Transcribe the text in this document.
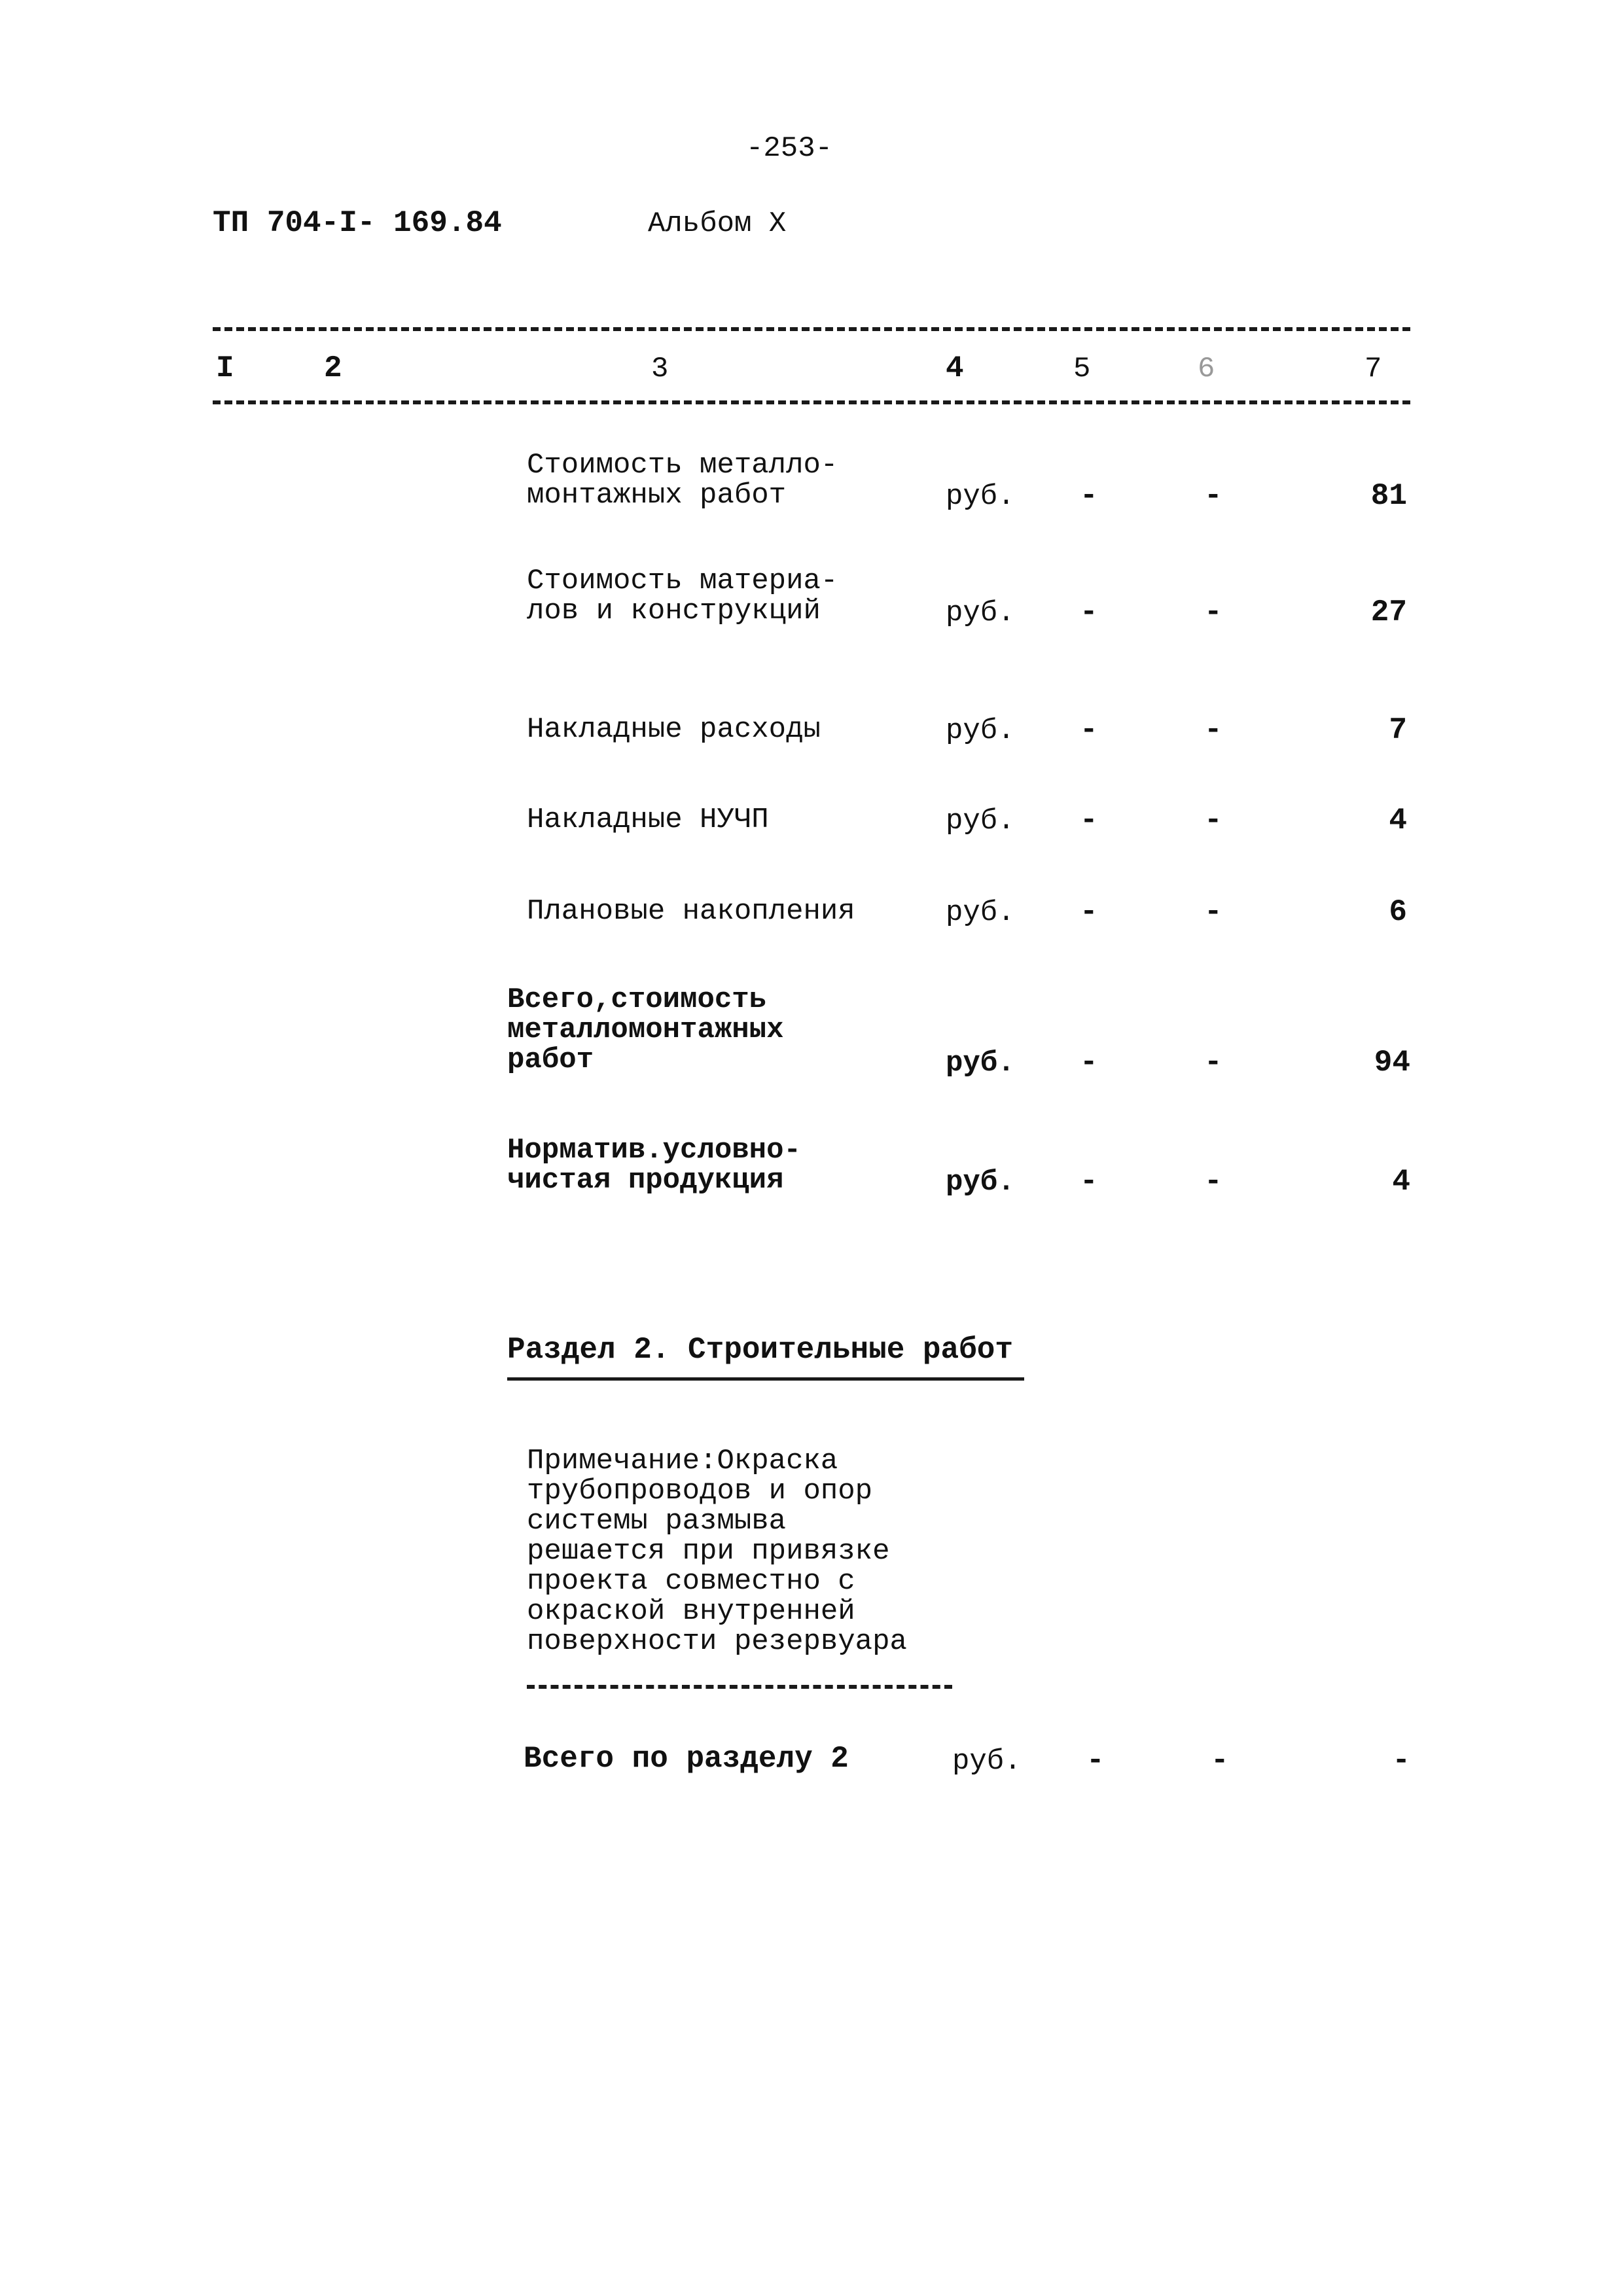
-253-
ТП 704-I- 169.84	Альбом X
I	2	3	4	5	6	7
Стоимость металло-
монтажных работ	руб. -	-	81
Стоимость материа-
лов и конструкций	руб. -	-	27
Накладные расходы	руб. -	-	7
Накладные НУЧП	руб. -	-	4
Плановые накопления	руб. -	-	6
Всего,стоимость
металломонтажных
работ	руб. -	-	94
Норматив.условно-
чистая продукция	руб. -	-	4
Раздел 2. Строительные работ
Примечание:Окраска
трубопроводов и опор
системы размыва
решается при привязке
проекта совместно с
окраской внутренней
поверхности резервуара
Всего по разделу 2	руб. -	-	-
